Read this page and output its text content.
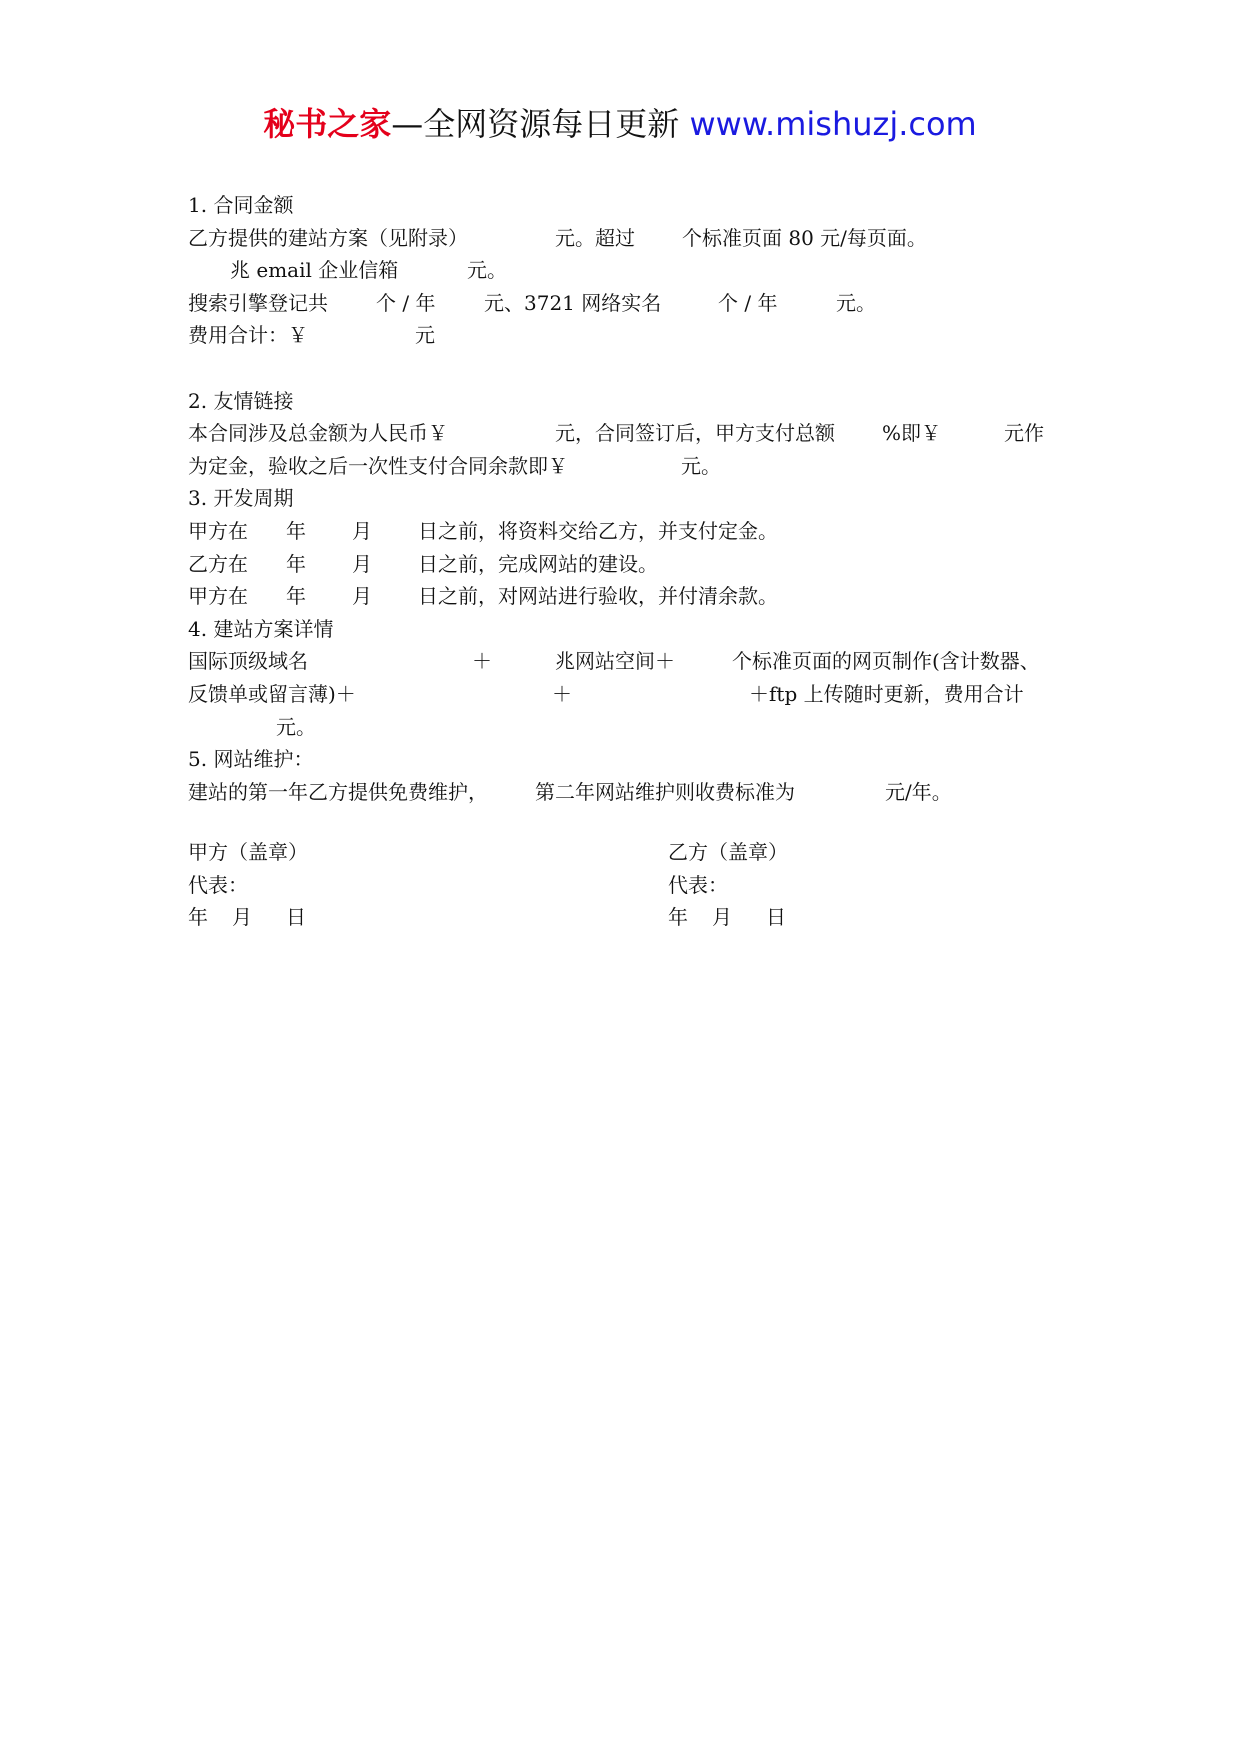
秘书之家—全网资源每日更新 www.mishuzj.com
1. 合同金额
乙方提供的建站方案（见附录）	元。超过 个标准页面 80 元/每页面。
兆 email 企业信箱	元。
搜索引擎登记共 个 / 年 元、3721 网络实名	个 / 年	元。
费用合计：￥	元
2. 友情链接
本合同涉及总金额为人民币￥	元，合同签订后，甲方支付总额 %即￥	元作
为定金，验收之后一次性支付合同余款即￥	元。
3. 开发周期
甲方在 年 月 日之前，将资料交给乙方，并支付定金。
乙方在 年 月 日之前，完成网站的建设。
甲方在 年 月 日之前，对网站进行验收，并付清余款。
4. 建站方案详情
国际顶级域名	＋	兆网站空间＋	个标准页面的网页制作(含计数器、
反馈单或留言薄)＋	＋	＋ftp 上传随时更新，费用合计
元。
5. 网站维护：
建站的第一年乙方提供免费维护， 第二年网站维护则收费标准为	元/年。
甲方（盖章）
代表：
年 月 日
乙方（盖章）
代表：
年 月 日
